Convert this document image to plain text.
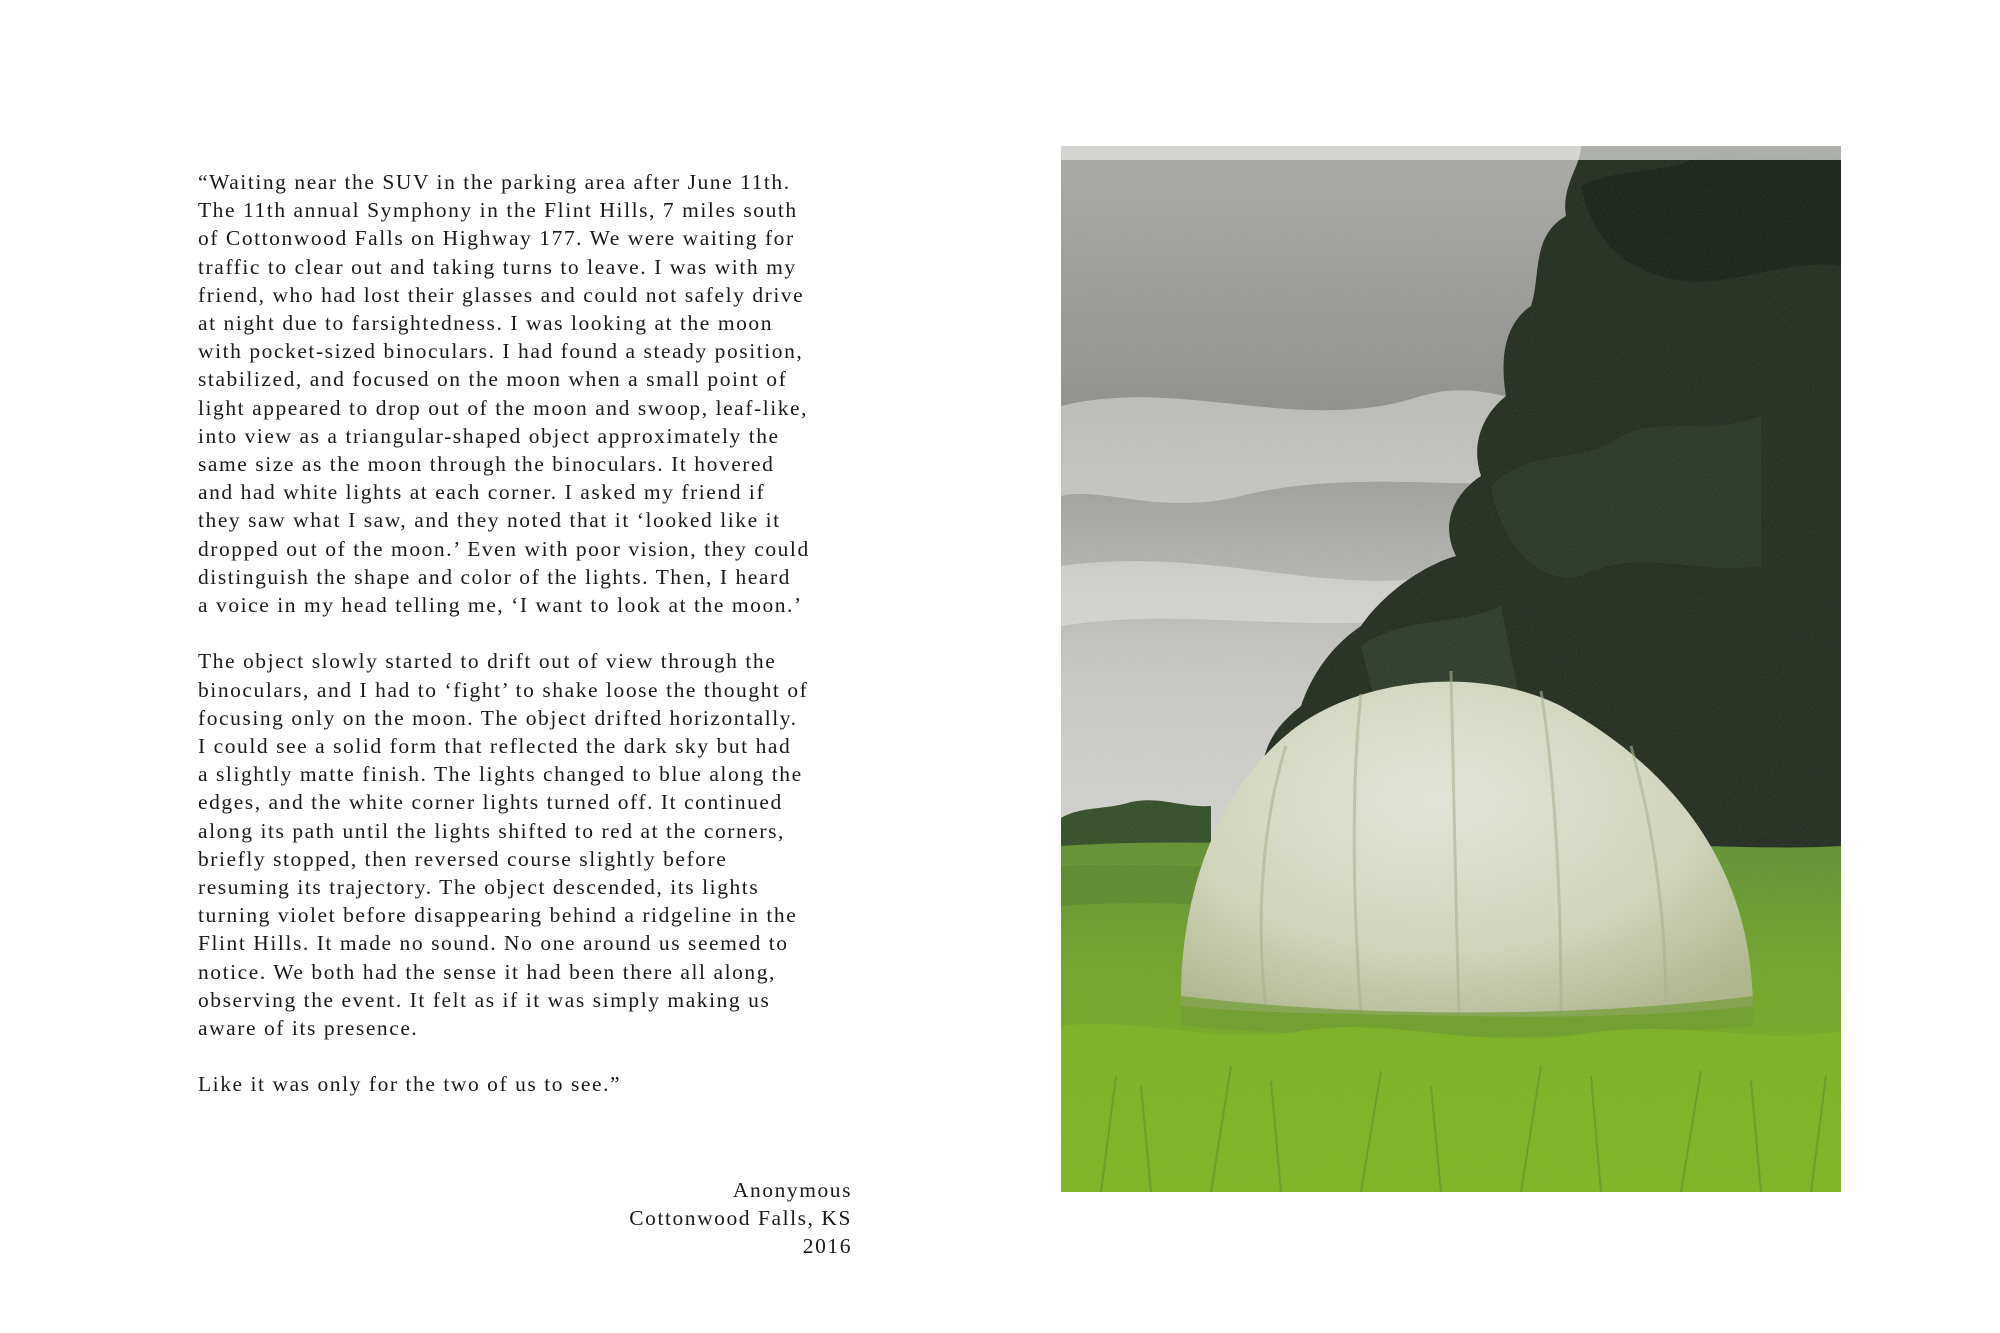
“Waiting near the SUV in the parking area after June 11th.
The 11th annual Symphony in the Flint Hills, 7 miles south
of Cottonwood Falls on Highway 177. We were waiting for
traffic to clear out and taking turns to leave. I was with my
friend, who had lost their glasses and could not safely drive
at night due to farsightedness. I was looking at the moon
with pocket-sized binoculars. I had found a steady position,
stabilized, and focused on the moon when a small point of
light appeared to drop out of the moon and swoop, leaf-like,
into view as a triangular-shaped object approximately the
same size as the moon through the binoculars. It hovered
and had white lights at each corner. I asked my friend if
they saw what I saw, and they noted that it ‘looked like it
dropped out of the moon.’ Even with poor vision, they could
distinguish the shape and color of the lights. Then, I heard
a voice in my head telling me, ‘I want to look at the moon.’
The object slowly started to drift out of view through the
binoculars, and I had to ‘fight’ to shake loose the thought of
focusing only on the moon. The object drifted horizontally.
I could see a solid form that reflected the dark sky but had
a slightly matte finish. The lights changed to blue along the
edges, and the white corner lights turned off. It continued
along its path until the lights shifted to red at the corners,
briefly stopped, then reversed course slightly before
resuming its trajectory. The object descended, its lights
turning violet before disappearing behind a ridgeline in the
Flint Hills. It made no sound. No one around us seemed to
notice. We both had the sense it had been there all along,
observing the event. It felt as if it was simply making us
aware of its presence.
Like it was only for the two of us to see.”
Anonymous
Cottonwood Falls, KS
2016
